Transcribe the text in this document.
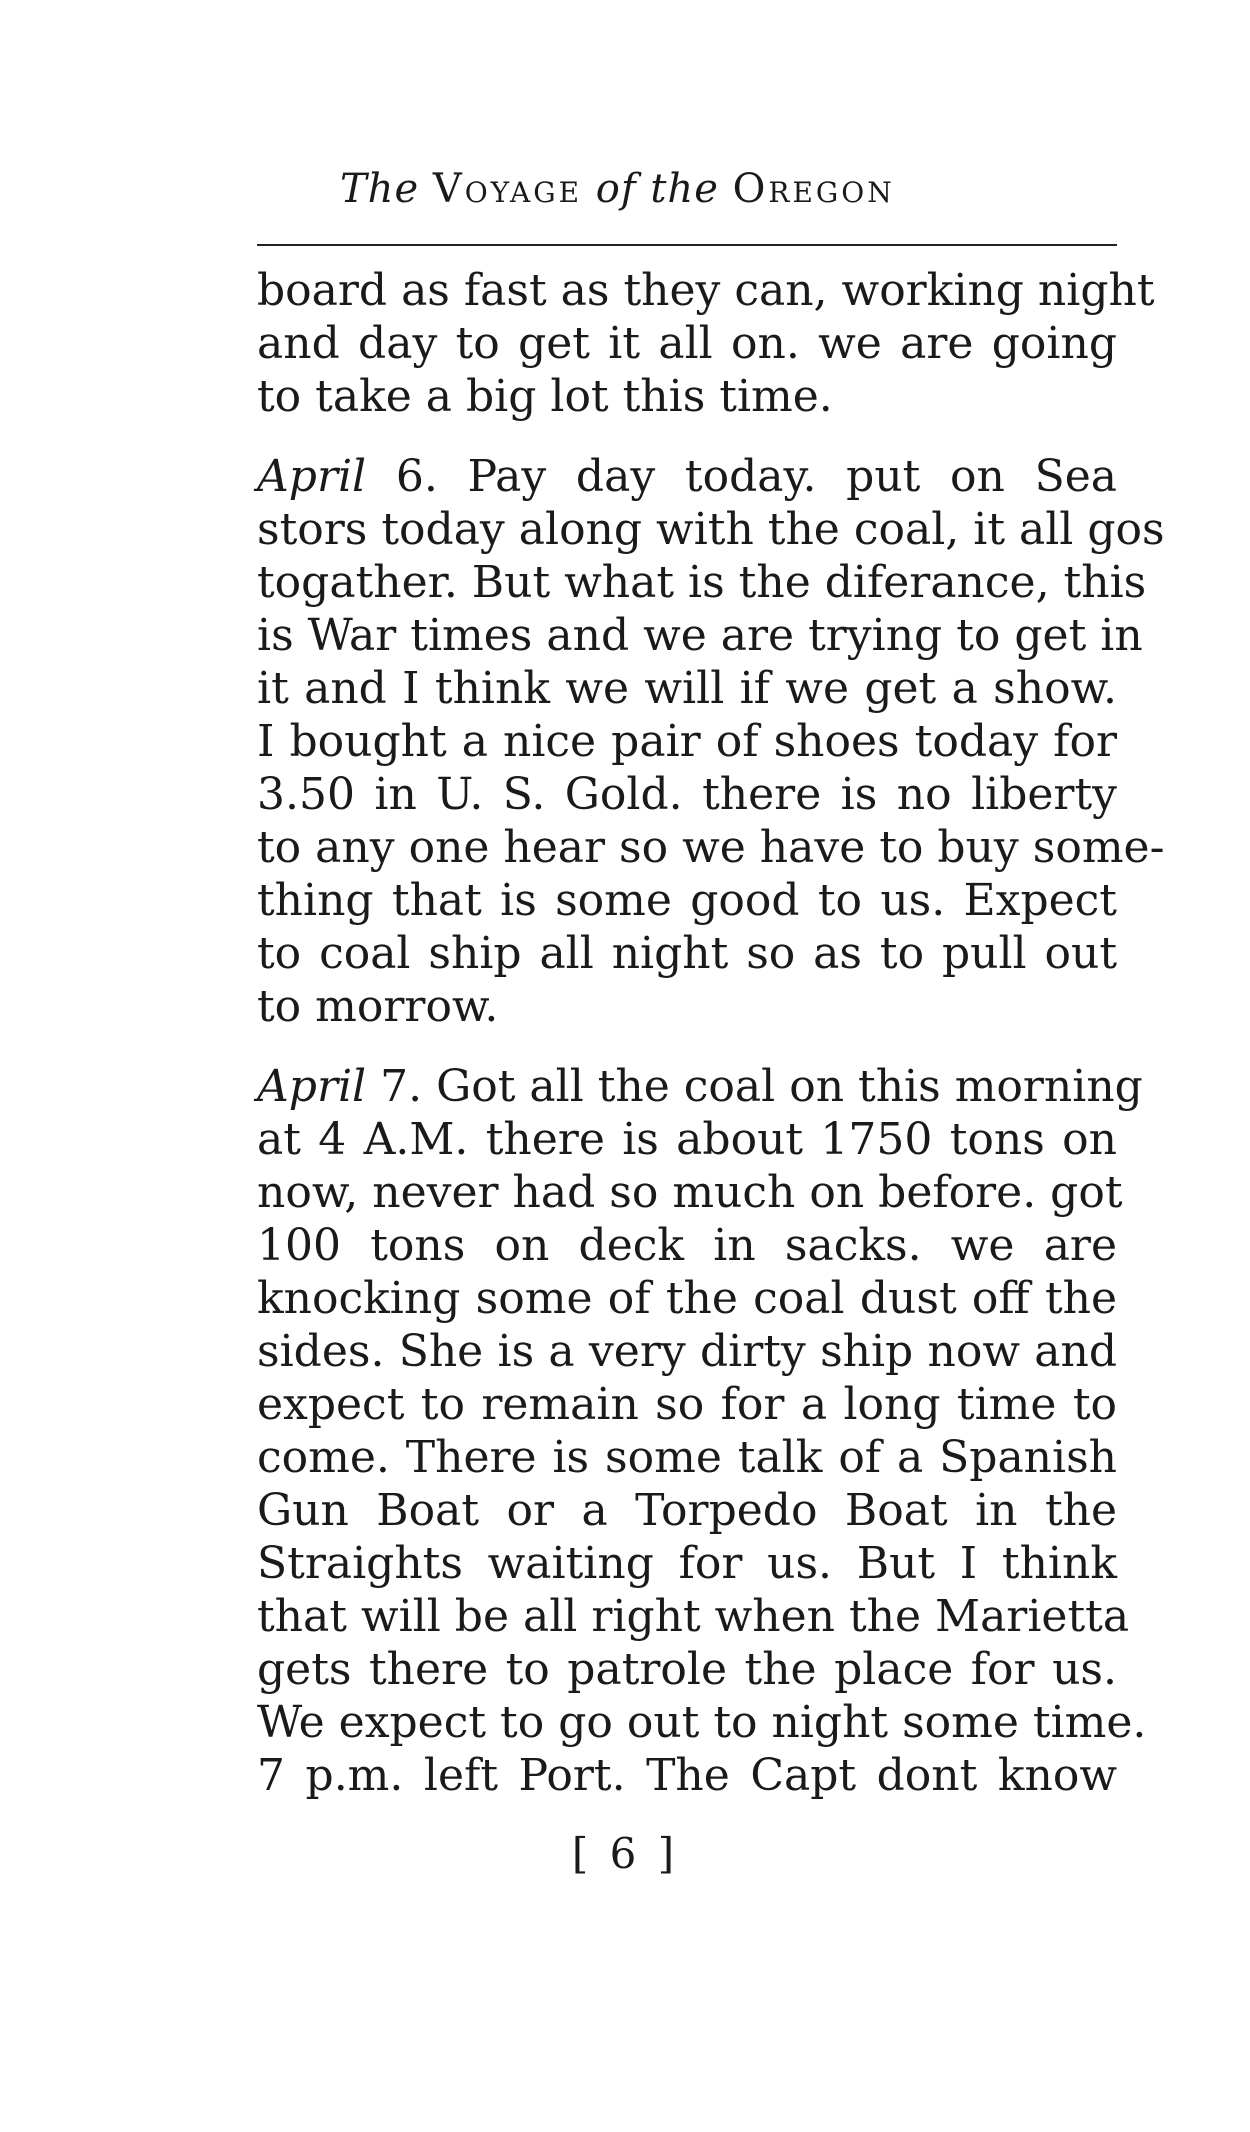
The Voyage of the Oregon
board as fast as they can, working night
and day to get it all on. we are going
to take a big lot this time.
April 6. Pay day today. put on Sea
stors today along with the coal, it all gos
togather. But what is the diferance, this
is War times and we are trying to get in
it and I think we will if we get a show.
I bought a nice pair of shoes today for
3.50 in U. S. Gold. there is no liberty
to any one hear so we have to buy some-
thing that is some good to us. Expect
to coal ship all night so as to pull out
to morrow.
April 7. Got all the coal on this morning
at 4 A.M. there is about 1750 tons on
now, never had so much on before. got
100 tons on deck in sacks. we are
knocking some of the coal dust off the
sides. She is a very dirty ship now and
expect to remain so for a long time to
come. There is some talk of a Spanish
Gun Boat or a Torpedo Boat in the
Straights waiting for us. But I think
that will be all right when the Marietta
gets there to patrole the place for us.
We expect to go out to night some time.
7 p.m. left Port. The Capt dont know
[ 6 ]
